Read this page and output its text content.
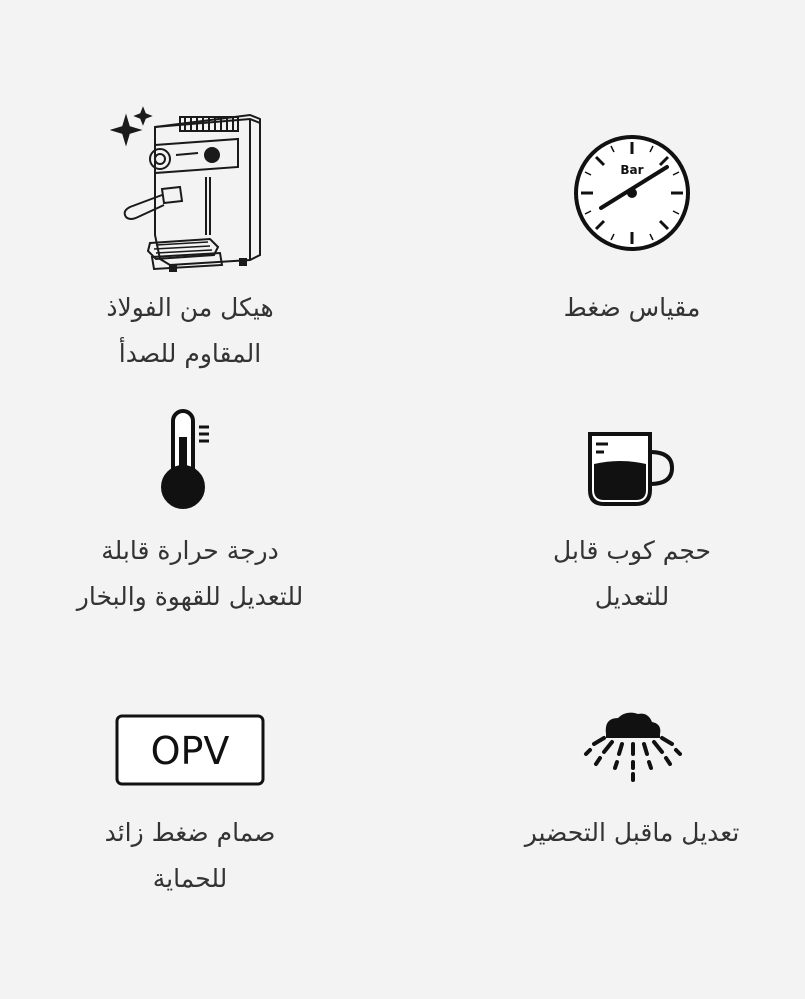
هيكل من الفولاذ
المقاوم للصدأ
Bar
مقياس ضغط
درجة حرارة قابلة
للتعديل للقهوة والبخار
حجم كوب قابل
للتعديل
OPV
صمام ضغط زائد
للحماية
تعديل ماقبل التحضير
